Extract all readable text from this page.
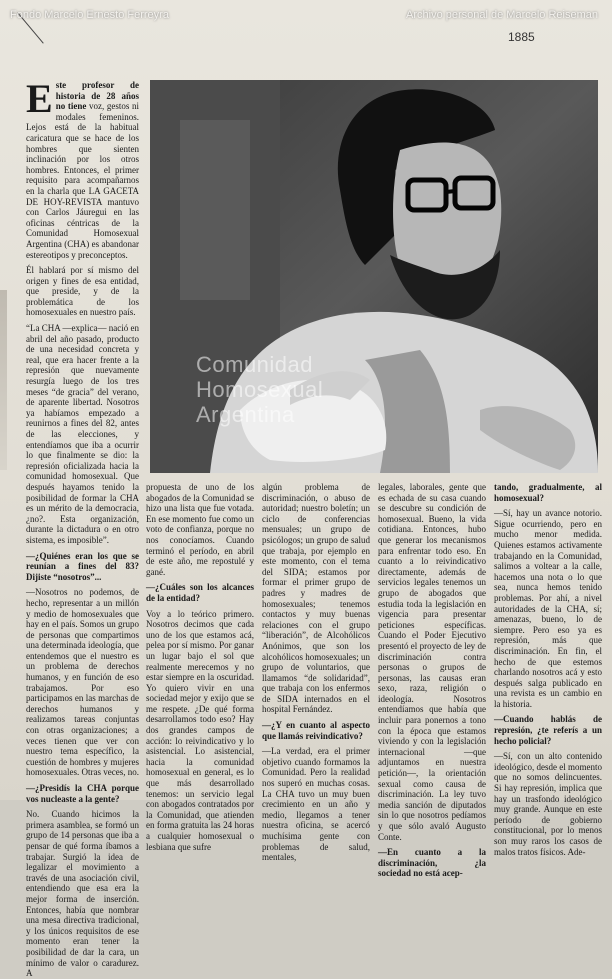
Fondo Marcelo Ernesto Ferreyra	Archivo personal de Marcelo Reiseman
1885

E ste profesor de historia de 28 años no tiene voz, gestos ni modales femeninos. Lejos está de la habitual caricatura que se hace de los hombres que sienten inclinación por los otros hombres. Entonces, el primer requisito para acompañarnos en la charla que LA GACETA DE HOY-REVISTA mantuvo con Carlos Jáuregui en las oficinas céntricas de la Comunidad Homosexual Argentina (CHA) es abandonar estereotipos y preconceptos.

Él hablará por sí mismo del origen y fines de esa entidad, que preside, y de la problemática de los homosexuales en nuestro país.

“La CHA —explica— nació en abril del año pasado, producto de una necesidad concreta y real, que era hacer frente a la represión que nuevamente resurgía luego de los tres meses “de gracia” del verano, de aparente libertad. Nosotros ya habíamos empezado a reunirnos a fines del 82, antes de las elecciones, y entendíamos que iba a ocurrir lo que finalmente se dio: la represión oficializada hacia la comunidad homosexual. Que después hayamos tenido la posibilidad de formar la CHA es un mérito de la democracia, ¿no?. Esta organización, durante la dictadura o en otro sistema, es imposible”.

—¿Quiénes eran los que se reunían a fines del 83? Dijiste “nosotros”...

—Nosotros no podemos, de hecho, representar a un millón y medio de homosexuales que hay en el país. Somos un grupo de personas que compartimos una determinada ideología, que entendemos que el nuestro es un problema de derechos humanos, y en función de eso trabajamos. Por eso participamos en las marchas de derechos humanos y realizamos tareas conjuntas con otras organizaciones; a veces tienen que ver con nuestro tema específico, la cuestión de hombres y mujeres homosexuales. Otras veces, no.

—¿Presidís la CHA porque vos nucleaste a la gente?

No. Cuando hicimos la primera asamblea, se formó un grupo de 14 personas que iba a pensar de qué forma íbamos a trabajar. Surgió la idea de legalizar el movimiento a través de una asociación civil, entendiendo que esa era la mejor forma de inserción. Entonces, había que nombrar una mesa directiva tradicional, y los únicos requisitos de ese momento eran tener la posibilidad de dar la cara, un mínimo de valor o caradurez. A

Comunidad
Homosexual
Argentina

propuesta de uno de los abogados de la Comunidad se hizo una lista que fue votada. En ese momento fue como un voto de confianza, porque no nos conocíamos. Cuando terminó el período, en abril de este año, me repostulé y gané.

—¿Cuáles son los alcances de la entidad?

Voy a lo teórico primero. Nosotros decimos que cada uno de los que estamos acá, pelea por sí mismo. Por ganar un lugar bajo el sol que realmente merecemos y no estar siempre en la oscuridad. Yo quiero vivir en una sociedad mejor y exijo que se me respete. ¿De qué forma desarrollamos todo eso? Hay dos grandes campos de acción: lo reivindicativo y lo asistencial. Lo asistencial, hacia la comunidad homosexual en general, es lo que más desarrollado tenemos: un servicio legal con abogados contratados por la Comunidad, que atienden en forma gratuita las 24 horas a cualquier homosexual o lesbiana que sufre

algún problema de discriminación, o abuso de autoridad; nuestro boletín; un ciclo de conferencias mensuales; un grupo de psicólogos; un grupo de salud que trabaja, por ejemplo en este momento, con el tema del SIDA; estamos por formar el primer grupo de padres y madres de homosexuales; tenemos contactos y muy buenas relaciones con el grupo “liberación”, de Alcohólicos Anónimos, que son los alcohólicos homosexuales; un grupo de voluntarios, que llamamos “de solidaridad”, que trabaja con los enfermos de SIDA internados en el hospital Fernández.

—¿Y en cuanto al aspecto que llamás reivindicativo?

—La verdad, era el primer objetivo cuando formamos la Comunidad. Pero la realidad nos superó en muchas cosas. La CHA tuvo un muy buen crecimiento en un año y medio, llegamos a tener nuestra oficina, se acercó muchísima gente con problemas de salud, mentales,

legales, laborales, gente que es echada de su casa cuando se descubre su condición de homosexual. Bueno, la vida cotidiana. Entonces, hubo que generar los mecanismos para enfrentar todo eso. En cuanto a lo reivindicativo directamente, además de servicios legales tenemos un grupo de abogados que estudia toda la legislación en vigencia para presentar peticiones específicas. Cuando el Poder Ejecutivo presentó el proyecto de ley de discriminación contra personas o grupos de personas, las causas eran sexo, raza, religión o ideología. Nosotros entendíamos que había que incluir para ponernos a tono con la época que estamos viviendo y con la legislación internacional —que adjuntamos en nuestra petición—, la orientación sexual como causa de discriminación. La ley tuvo media sanción de diputados sin lo que nosotros pedíamos y que sólo avaló Augusto Conte.

—En cuanto a la discriminación, ¿la sociedad no está acep-

tando, gradualmente, al homosexual?

—Sí, hay un avance notorio. Sigue ocurriendo, pero en mucho menor medida. Quienes estamos activamente trabajando en la Comunidad, salimos a voltear a la calle, hacemos una nota o lo que sea, nunca hemos tenido problemas. Por ahí, a nivel autoridades de la CHA, sí; amenazas, bueno, lo de siempre. Pero eso ya es represión, más que discriminación. En fin, el hecho de que estemos charlando nosotros acá y esto después salga publicado en una revista es un cambio en la historia.

—Cuando hablás de represión, ¿te referís a un hecho policial?

—Sí, con un alto contenido ideológico, desde el momento que no somos delincuentes. Si hay represión, implica que hay un trasfondo ideológico muy grande. Aunque en este período de gobierno constitucional, por lo menos son muy raros los casos de malos tratos físicos. Ade-
